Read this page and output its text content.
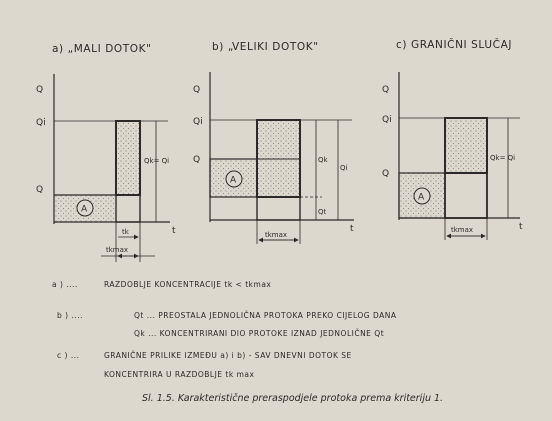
a) „MALI DOTOK"	b) „VELIKI DOTOK"	c) GRANIČNI SLUČAJ
Q
Qi
Q
A
Qk= Qi
t
tk
tkmax
Q
Qi
Q
A
Qk
Qi
Qt
t
tkmax
Q
Qi
Q
A
Qk= Qi
t
tkmax
a ) ....	RAZDOBLJE KONCENTRACIJE tk < tkmax
b ) ....	Qt ... PREOSTALA JEDNOLIČNA PROTOKA PREKO CIJELOG DANA
Qk ... KONCENTRIRANI DIO PROTOKE IZNAD JEDNOLIČNE Qt
c ) ...	GRANIČNE PRILIKE IZMEĐU a) i b) - SAV DNEVNI DOTOK SE
KONCENTRIRA U RAZDOBLJE tk max
Sl. 1.5. Karakteristične preraspodjele protoka prema kriteriju 1.
